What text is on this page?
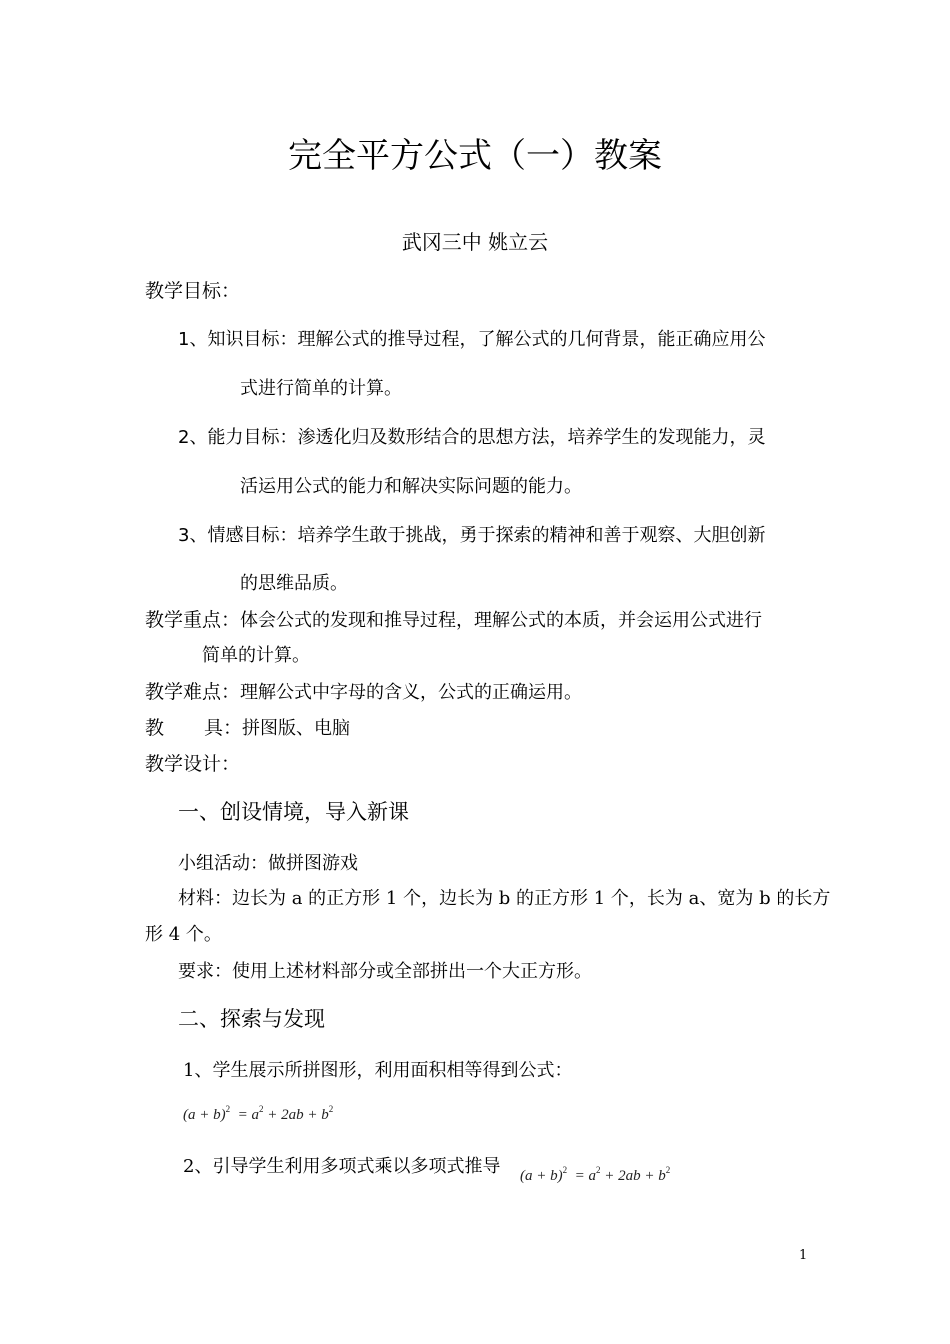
完全平方公式（一）教案
武冈三中 姚立云
教学目标：
1、知识目标：理解公式的推导过程，了解公式的几何背景，能正确应用公
式进行简单的计算。
2、能力目标：渗透化归及数形结合的思想方法，培养学生的发现能力，灵
活运用公式的能力和解决实际问题的能力。
3、情感目标：培养学生敢于挑战，勇于探索的精神和善于观察、大胆创新
的思维品质。
教学重点：体会公式的发现和推导过程，理解公式的本质，并会运用公式进行
简单的计算。
教学难点：理解公式中字母的含义，公式的正确运用。
教 具：拼图版、电脑
教学设计：
一、创设情境，导入新课
小组活动：做拼图游戏
材料：边长为 a 的正方形 1 个，边长为 b 的正方形 1 个，长为 a、宽为 b 的长方
形 4 个。
要求：使用上述材料部分或全部拼出一个大正方形。
二、探索与发现
1、学生展示所拼图形，利用面积相等得到公式：
$(a + b)^2 = a^2 + 2ab + b^2$
2、引导学生利用多项式乘以多项式推导 $(a + b)^2 = a^2 + 2ab + b^2$
1
